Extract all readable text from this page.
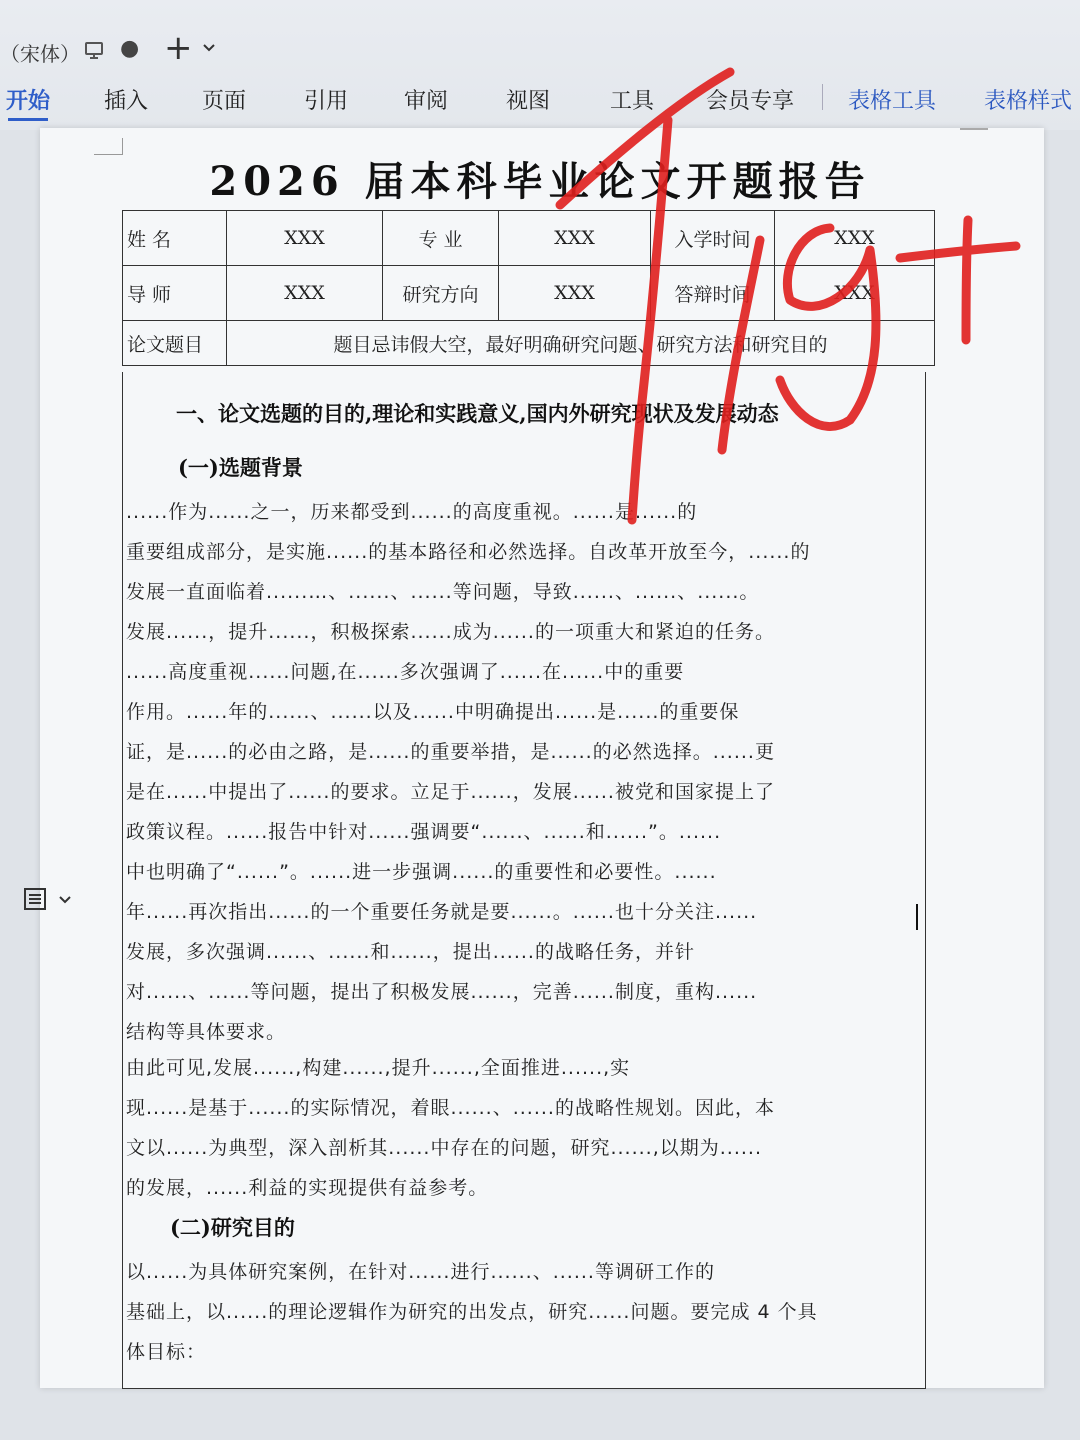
（宋体） ● +
开始 插入 页面	引用	审阅	视图	工具 会员专享 表格工具 表格样式
2026 届本科毕业论文开题报告
姓 名	XXX	专 业	XXX	入学时间	XXX
导 师	XXX	研究方向	XXX	答辩时间	XXX
论文题目	题目忌讳假大空，最好明确研究问题、研究方法和研究目的				
一、论文选题的目的,理论和实践意义,国内外研究现状及发展动态
(一)选题背景

......作为......之一，历来都受到......的高度重视。......是......的

重要组成部分，是实施......的基本路径和必然选择。自改革开放至今，......的

发展一直面临着......…、......、......等问题，导致......、......、......。

发展......，提升......，积极探索......成为......的一项重大和紧迫的任务。

......高度重视......问题,在......多次强调了......在......中的重要

作用。......年的......、......以及......中明确提出......是......的重要保

证，是......的必由之路，是......的重要举措，是......的必然选择。......更

是在......中提出了......的要求。立足于......，发展......被党和国家提上了

政策议程。......报告中针对......强调要“......、......和......”。......

中也明确了“......”。......进一步强调......的重要性和必要性。......

年......再次指出......的一个重要任务就是要......。......也十分关注......

发展，多次强调......、......和......，提出......的战略任务，并针

对......、......等问题，提出了积极发展......，完善......制度，重构......

结构等具体要求。

由此可见,发展......,构建......,提升......,全面推进......,实

现......是基于......的实际情况，着眼......、......的战略性规划。因此，本

文以......为典型，深入剖析其......中存在的问题，研究......,以期为......

的发展，......利益的实现提供有益参考。

(二)研究目的

以......为具体研究案例，在针对......进行......、......等调研工作的

基础上，以......的理论逻辑作为研究的出发点，研究......问题。要完成 4 个具

体目标：
